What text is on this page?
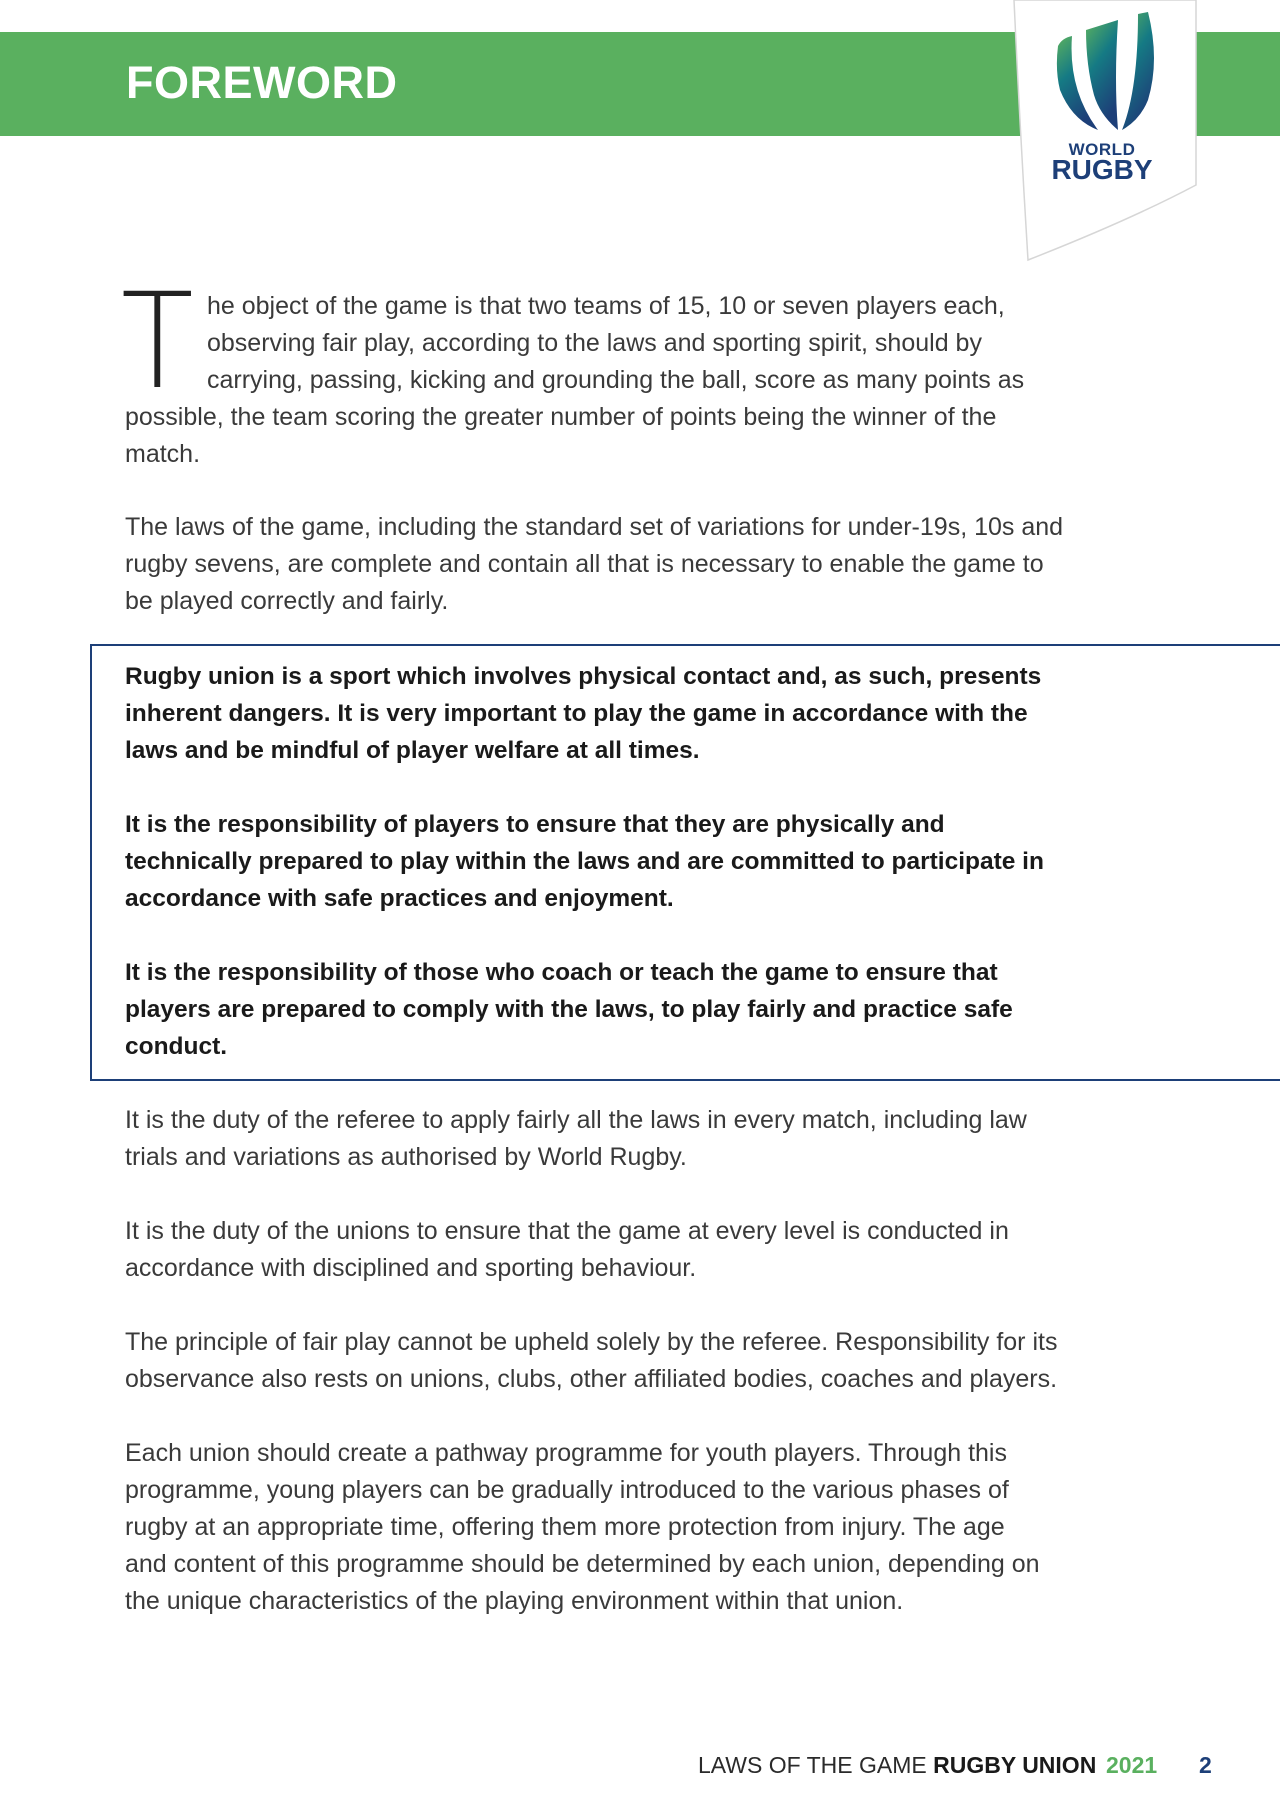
FOREWORD
WORLD
RUGBY
T he object of the game is that two teams of 15, 10 or seven players each,
observing fair play, according to the laws and sporting spirit, should by
carrying, passing, kicking and grounding the ball, score as many points as
possible, the team scoring the greater number of points being the winner of the
match.
The laws of the game, including the standard set of variations for under-19s, 10s and
rugby sevens, are complete and contain all that is necessary to enable the game to
be played correctly and fairly.
Rugby union is a sport which involves physical contact and, as such, presents
inherent dangers. It is very important to play the game in accordance with the
laws and be mindful of player welfare at all times.
It is the responsibility of players to ensure that they are physically and
technically prepared to play within the laws and are committed to participate in
accordance with safe practices and enjoyment.
It is the responsibility of those who coach or teach the game to ensure that
players are prepared to comply with the laws, to play fairly and practice safe
conduct.
It is the duty of the referee to apply fairly all the laws in every match, including law
trials and variations as authorised by World Rugby.
It is the duty of the unions to ensure that the game at every level is conducted in
accordance with disciplined and sporting behaviour.
The principle of fair play cannot be upheld solely by the referee. Responsibility for its
observance also rests on unions, clubs, other affiliated bodies, coaches and players.
Each union should create a pathway programme for youth players. Through this
programme, young players can be gradually introduced to the various phases of
rugby at an appropriate time, offering them more protection from injury. The age
and content of this programme should be determined by each union, depending on
the unique characteristics of the playing environment within that union.
LAWS OF THE GAME RUGBY UNION 2021 2
